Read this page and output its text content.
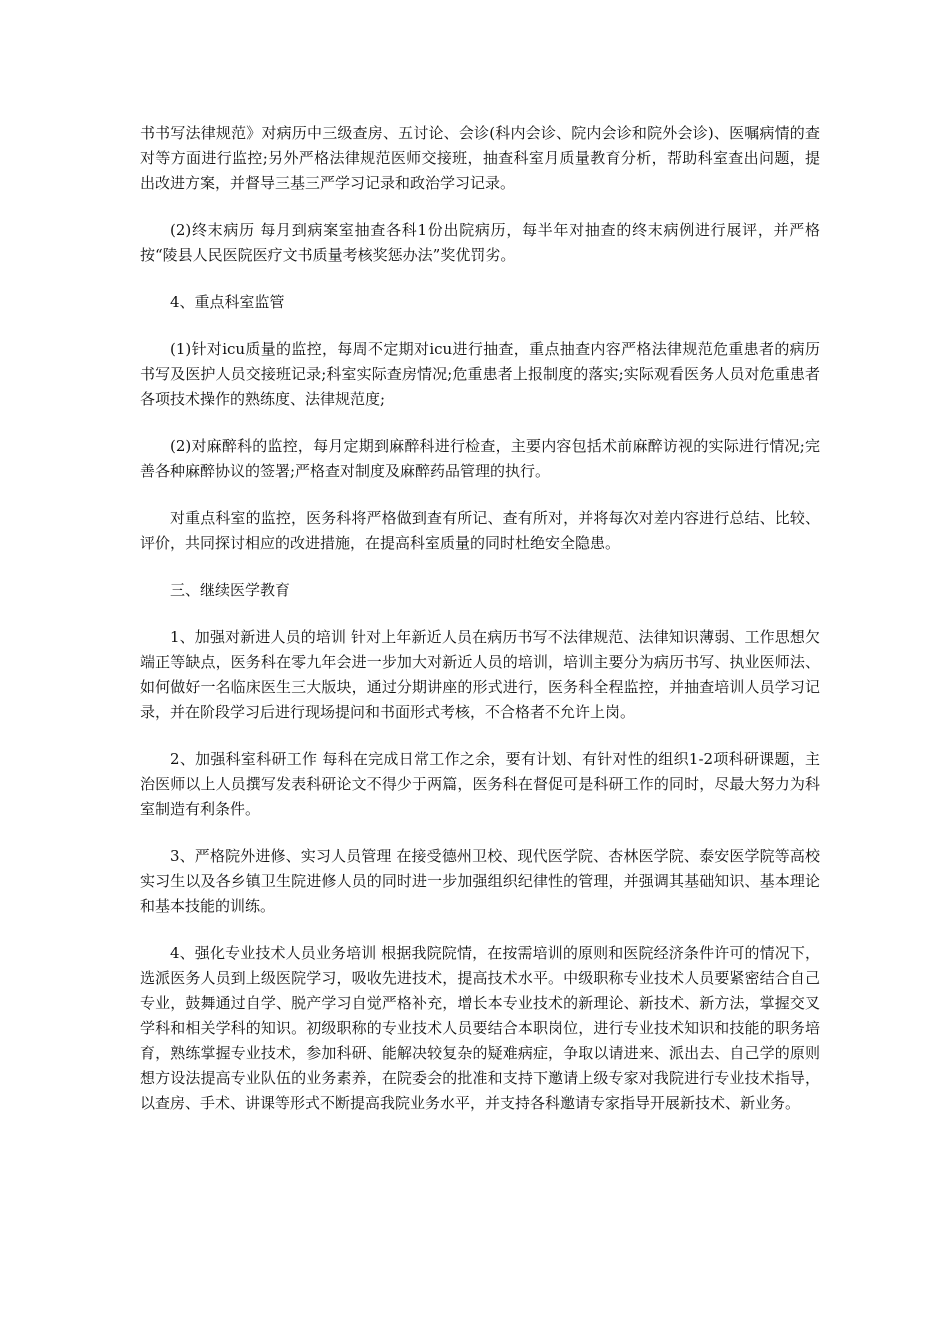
书书写法律规范》对病历中三级查房、五讨论、会诊(科内会诊、院内会诊和院外会诊)、医嘱病情的查对等方面进行监控;另外严格法律规范医师交接班，抽查科室月质量教育分析，帮助科室查出问题，提出改进方案，并督导三基三严学习记录和政治学习记录。

(2)终末病历 每月到病案室抽查各科1份出院病历，每半年对抽查的终末病例进行展评，并严格按“陵县人民医院医疗文书质量考核奖惩办法”奖优罚劣。

4、重点科室监管

(1)针对icu质量的监控，每周不定期对icu进行抽查，重点抽查内容严格法律规范危重患者的病历书写及医护人员交接班记录;科室实际查房情况;危重患者上报制度的落实;实际观看医务人员对危重患者各项技术操作的熟练度、法律规范度;

(2)对麻醉科的监控，每月定期到麻醉科进行检查，主要内容包括术前麻醉访视的实际进行情况;完善各种麻醉协议的签署;严格查对制度及麻醉药品管理的执行。

对重点科室的监控，医务科将严格做到查有所记、查有所对，并将每次对差内容进行总结、比较、评价，共同探讨相应的改进措施，在提高科室质量的同时杜绝安全隐患。

三、继续医学教育

1、加强对新进人员的培训 针对上年新近人员在病历书写不法律规范、法律知识薄弱、工作思想欠端正等缺点，医务科在零九年会进一步加大对新近人员的培训，培训主要分为病历书写、执业医师法、如何做好一名临床医生三大版块，通过分期讲座的形式进行，医务科全程监控，并抽查培训人员学习记录，并在阶段学习后进行现场提问和书面形式考核，不合格者不允许上岗。

2、加强科室科研工作 每科在完成日常工作之余，要有计划、有针对性的组织1-2项科研课题，主治医师以上人员撰写发表科研论文不得少于两篇，医务科在督促可是科研工作的同时，尽最大努力为科室制造有利条件。

3、严格院外进修、实习人员管理 在接受德州卫校、现代医学院、杏林医学院、泰安医学院等高校实习生以及各乡镇卫生院进修人员的同时进一步加强组织纪律性的管理，并强调其基础知识、基本理论和基本技能的训练。

4、强化专业技术人员业务培训 根据我院院情，在按需培训的原则和医院经济条件许可的情况下，选派医务人员到上级医院学习，吸收先进技术，提高技术水平。中级职称专业技术人员要紧密结合自己专业，鼓舞通过自学、脱产学习自觉严格补充，增长本专业技术的新理论、新技术、新方法，掌握交叉学科和相关学科的知识。初级职称的专业技术人员要结合本职岗位，进行专业技术知识和技能的职务培育，熟练掌握专业技术，参加科研、能解决较复杂的疑难病症，争取以请进来、派出去、自己学的原则想方设法提高专业队伍的业务素养，在院委会的批准和支持下邀请上级专家对我院进行专业技术指导，以查房、手术、讲课等形式不断提高我院业务水平，并支持各科邀请专家指导开展新技术、新业务。
